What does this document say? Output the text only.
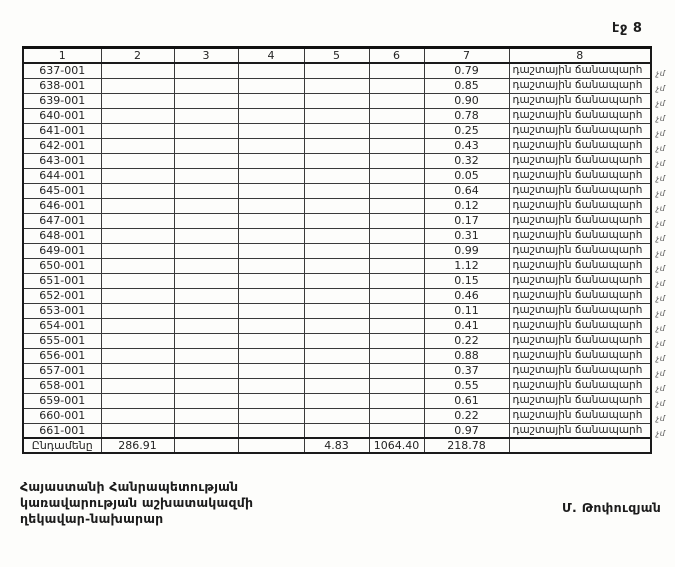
էջ 8
1	2	3	4	5	6	7	8
637-001						0.79	դաշտային ճանապարհ չմ

638-001						0.85	դաշտային ճանապարհ չմ

639-001						0.90	դաշտային ճանապարհ չմ

640-001						0.78	դաշտային ճանապարհ չմ

641-001						0.25	դաշտային ճանապարհ չմ

642-001						0.43	դաշտային ճանապարհ չմ

643-001						0.32	դաշտային ճանապարհ չմ

644-001						0.05	դաշտային ճանապարհ չմ

645-001						0.64	դաշտային ճանապարհ չմ

646-001						0.12	դաշտային ճանապարհ չմ

647-001						0.17	դաշտային ճանապարհ չմ

648-001						0.31	դաշտային ճանապարհ չմ

649-001						0.99	դաշտային ճանապարհ չմ

650-001						1.12	դաշտային ճանապարհ չմ

651-001						0.15	դաշտային ճանապարհ չմ

652-001						0.46	դաշտային ճանապարհ չմ

653-001						0.11	դաշտային ճանապարհ չմ

654-001						0.41	դաշտային ճանապարհ չմ

655-001						0.22	դաշտային ճանապարհ չմ

656-001						0.88	դաշտային ճանապարհ չմ

657-001						0.37	դաշտային ճանապարհ չմ

658-001						0.55	դաշտային ճանապարհ չմ

659-001						0.61	դաշտային ճանապարհ չմ

660-001						0.22	դաշտային ճանապարհ չմ

661-001						0.97	դաշտային ճանապարհ չմ

Ընդամենը	286.91			4.83	1064.40	218.78	
Հայաստանի Հանրապետության
կառավարության աշխատակազմի
ղեկավար-նախարար
Մ. Թոփուզյան
